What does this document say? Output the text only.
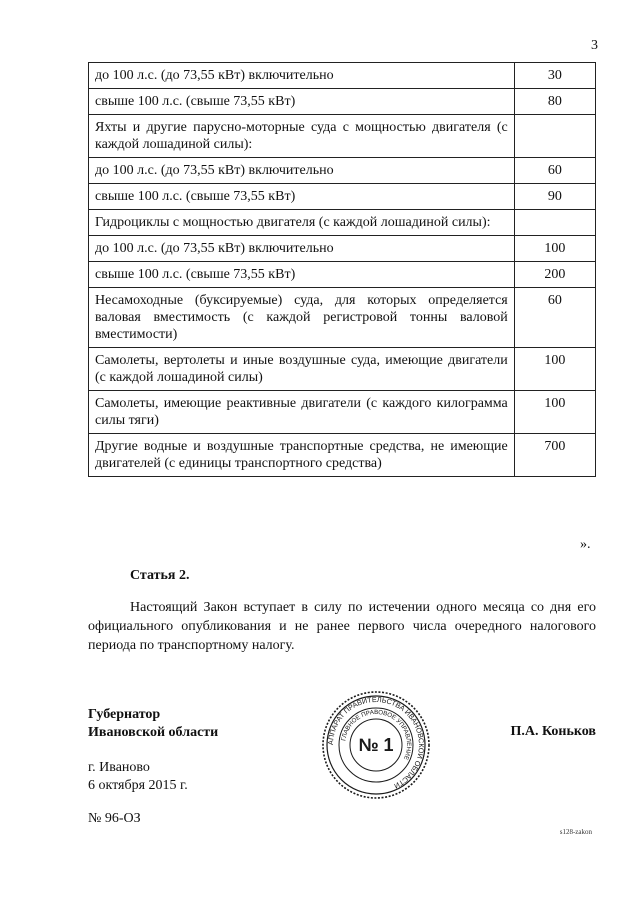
3
до 100 л.с. (до 73,55 кВт) включительно	30
свыше 100 л.с. (свыше 73,55 кВт)	80
Яхты и другие парусно-моторные суда с мощностью двигателя (с каждой лошадиной силы):	
до 100 л.с. (до 73,55 кВт) включительно	60
свыше 100 л.с. (свыше 73,55 кВт)	90
Гидроциклы с мощностью двигателя (с каждой лошадиной силы):	
до 100 л.с. (до 73,55 кВт) включительно	100
свыше 100 л.с. (свыше 73,55 кВт)	200
Несамоходные (буксируемые) суда, для которых определяется валовая вместимость (с каждой регистровой тонны валовой вместимости)	60
Самолеты, вертолеты и иные воздушные суда, имеющие двигатели (с каждой лошадиной силы)	100
Самолеты, имеющие реактивные двигатели (с каждого килограмма силы тяги)	100
Другие водные и воздушные транспортные средства, не имеющие двигателей (с единицы транспортного средства)	700
».
Статья 2.

Настоящий Закон вступает в силу по истечении одного месяца со дня его официального опубликования и не ранее первого числа очередного налогового периода по транспортному налогу.

Губернатор
Ивановской области
АППАРАТ ПРАВИТЕЛЬСТВА ИВАНОВСКОЙ ОБЛАСТИ
ГЛАВНОЕ ПРАВОВОЕ УПРАВЛЕНИЕ
№ 1
П.А. Коньков
г. Иваново
6 октября 2015 г.
№ 96-ОЗ
s128-zakon
